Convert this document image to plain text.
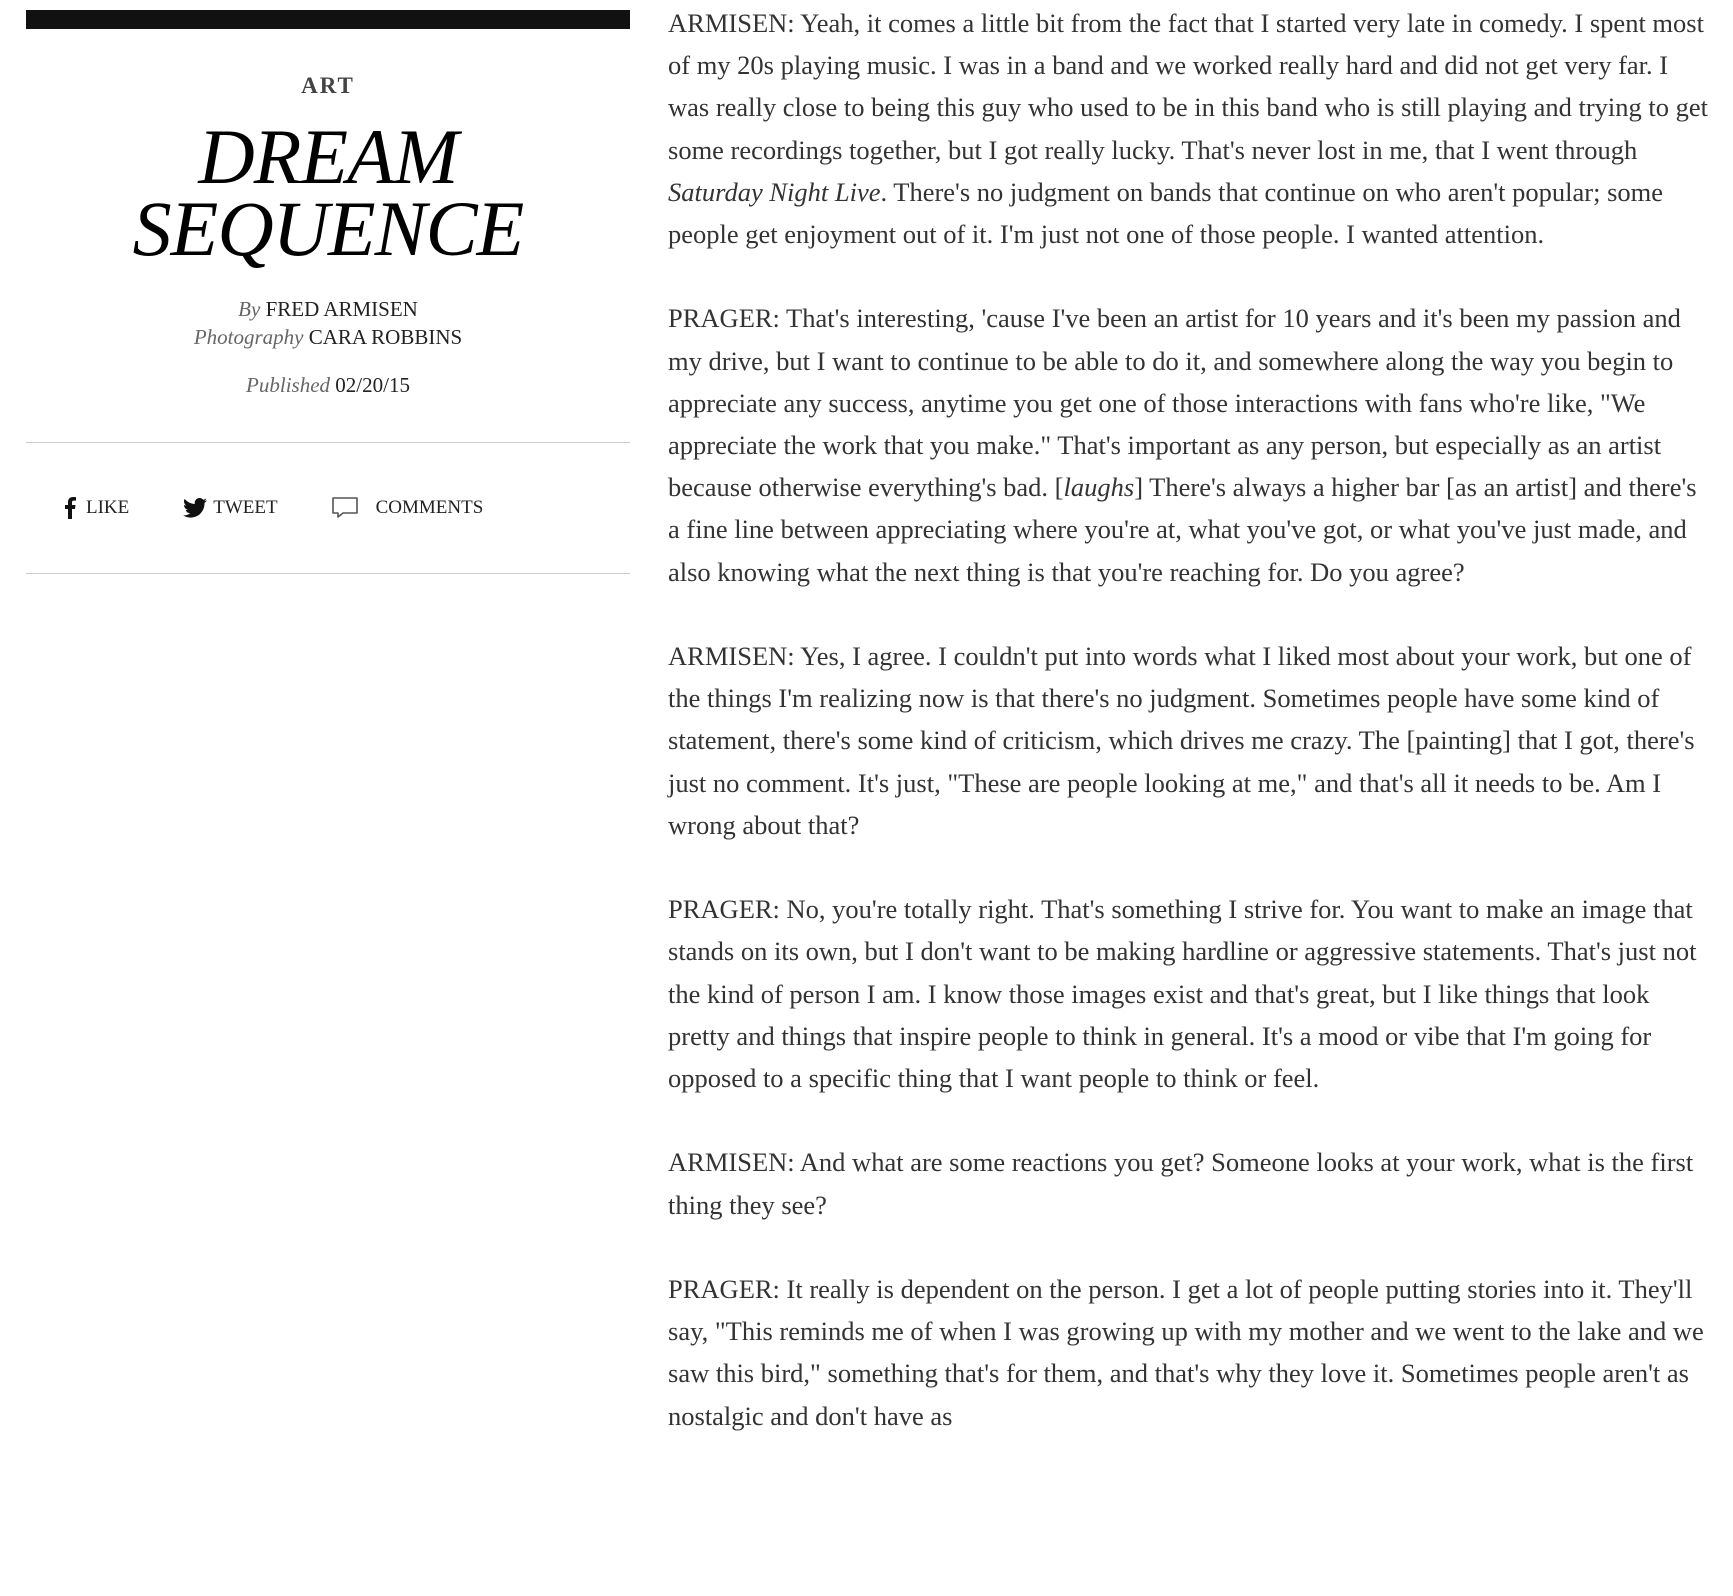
ART
DREAM
SEQUENCE
By FRED ARMISEN
Photography CARA ROBBINS
Published 02/20/15
LIKE	TWEET	COMMENTS

ARMISEN: Yeah, it comes a little bit from the fact that I started very late in comedy. I spent most of my 20s playing music. I was in a band and we worked really hard and did not get very far. I was really close to being this guy who used to be in this band who is still playing and trying to get some recordings together, but I got really lucky. That's never lost in me, that I went through Saturday Night Live. There's no judgment on bands that continue on who aren't popular; some people get enjoyment out of it. I'm just not one of those people. I wanted attention.

PRAGER: That's interesting, 'cause I've been an artist for 10 years and it's been my passion and my drive, but I want to continue to be able to do it, and somewhere along the way you begin to appreciate any success, anytime you get one of those interactions with fans who're like, "We appreciate the work that you make." That's important as any person, but especially as an artist because otherwise everything's bad. [laughs] There's always a higher bar [as an artist] and there's a fine line between appreciating where you're at, what you've got, or what you've just made, and also knowing what the next thing is that you're reaching for. Do you agree?

ARMISEN: Yes, I agree. I couldn't put into words what I liked most about your work, but one of the things I'm realizing now is that there's no judgment. Sometimes people have some kind of statement, there's some kind of criticism, which drives me crazy. The [painting] that I got, there's just no comment. It's just, "These are people looking at me," and that's all it needs to be. Am I wrong about that?

PRAGER: No, you're totally right. That's something I strive for. You want to make an image that stands on its own, but I don't want to be making hardline or aggressive statements. That's just not the kind of person I am. I know those images exist and that's great, but I like things that look pretty and things that inspire people to think in general. It's a mood or vibe that I'm going for opposed to a specific thing that I want people to think or feel.

ARMISEN: And what are some reactions you get? Someone looks at your work, what is the first thing they see?

PRAGER: It really is dependent on the person. I get a lot of people putting stories into it. They'll say, "This reminds me of when I was growing up with my mother and we went to the lake and we saw this bird," something that's for them, and that's why they love it. Sometimes people aren't as nostalgic and don't have as
